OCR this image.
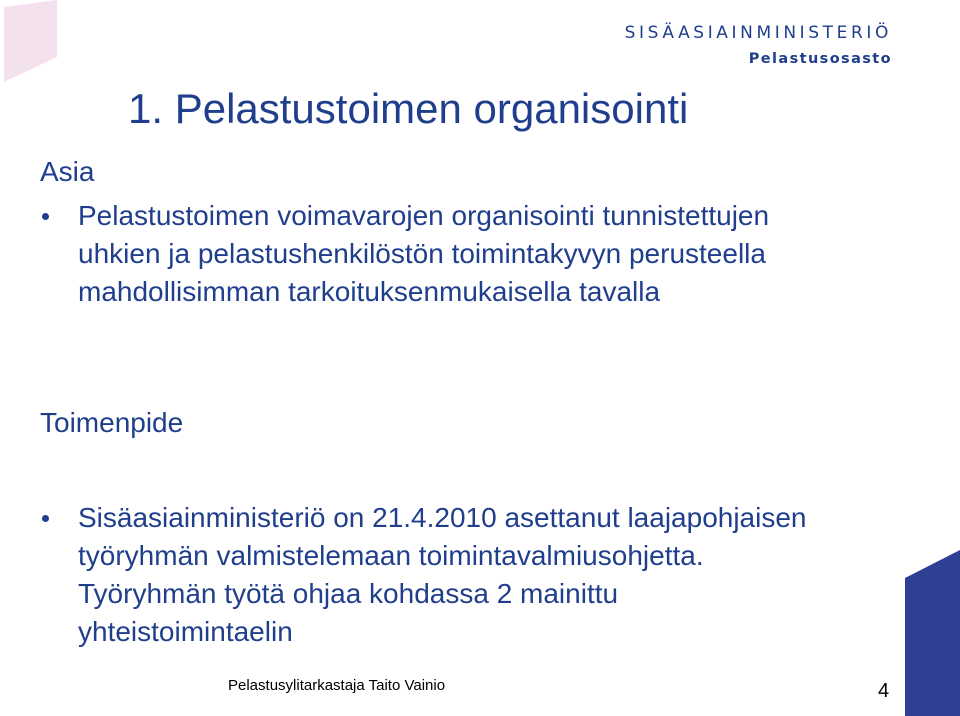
SISÄASIAINMINISTERIÖ
Pelastusosasto
1. Pelastustoimen organisointi
Asia

Pelastustoimen voimavarojen organisointi tunnistettujen uhkien ja pelastushenkilöstön toimintakyvyn perusteella mahdollisimman tarkoituksenmukaisella tavalla

Toimenpide

Sisäasiainministeriö on 21.4.2010 asettanut laajapohjaisen työryhmän valmistelemaan toimintavalmiusohjetta. Työryhmän työtä ohjaa kohdassa 2 mainittu yhteistoimintaelin

Pelastusylitarkastaja Taito Vainio	4
